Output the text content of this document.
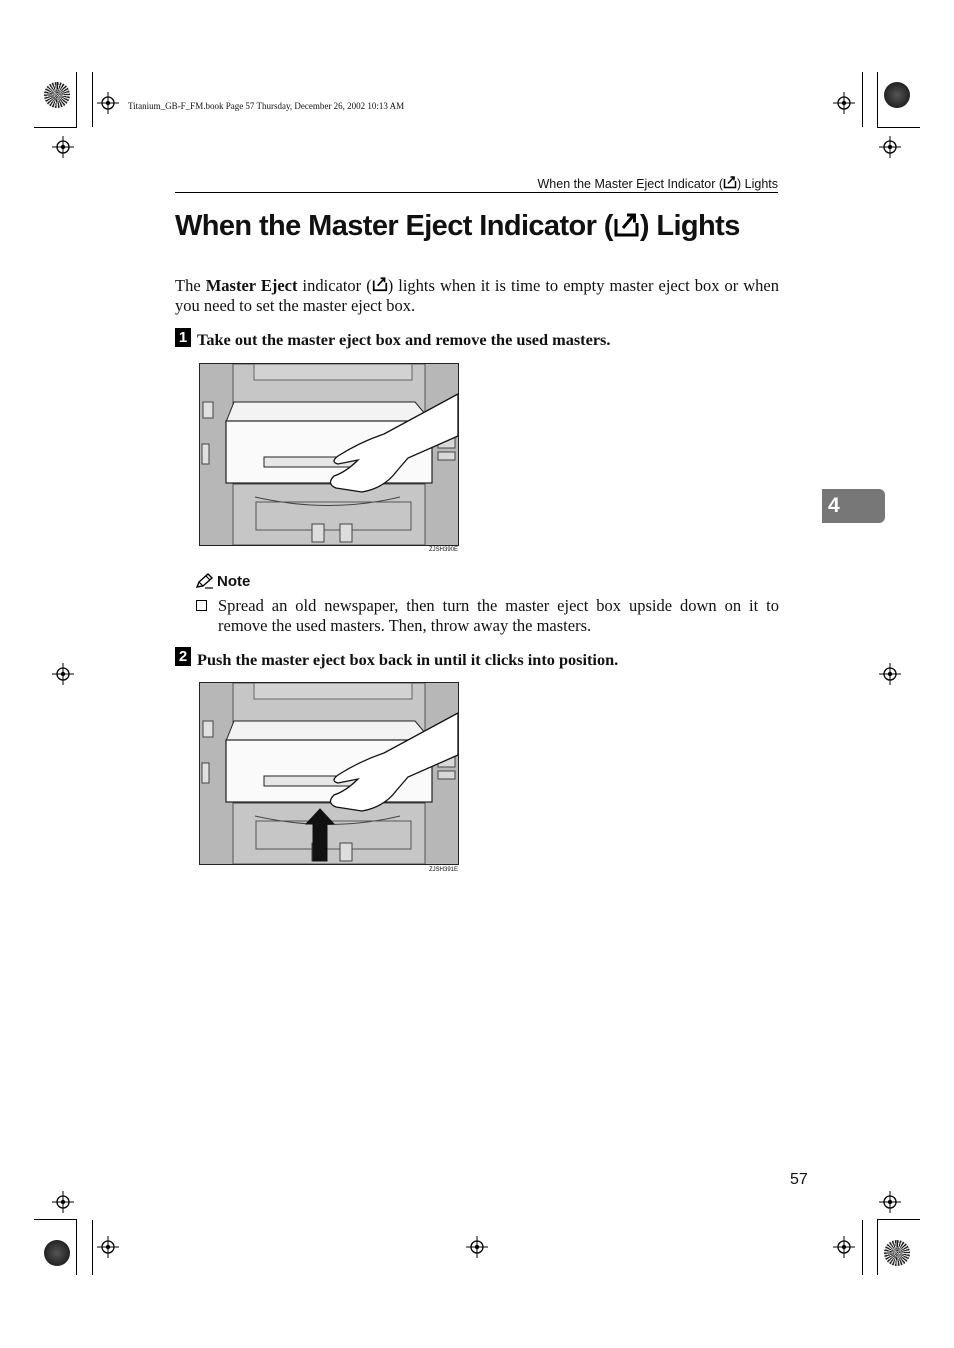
Titanium_GB-F_FM.book Page 57 Thursday, December 26, 2002 10:13 AM
When the Master Eject Indicator ( ) Lights
When the Master Eject Indicator ( ) Lights
The Master Eject indicator ( ) lights when it is time to empty master eject box or when you need to set the master eject box.
1 Take out the master eject box and remove the used masters.
ZJSH390E
Note
Spread an old newspaper, then turn the master eject box upside down on it to remove the used masters. Then, throw away the masters.
2 Push the master eject box back in until it clicks into position.
ZJSH391E
4
57
